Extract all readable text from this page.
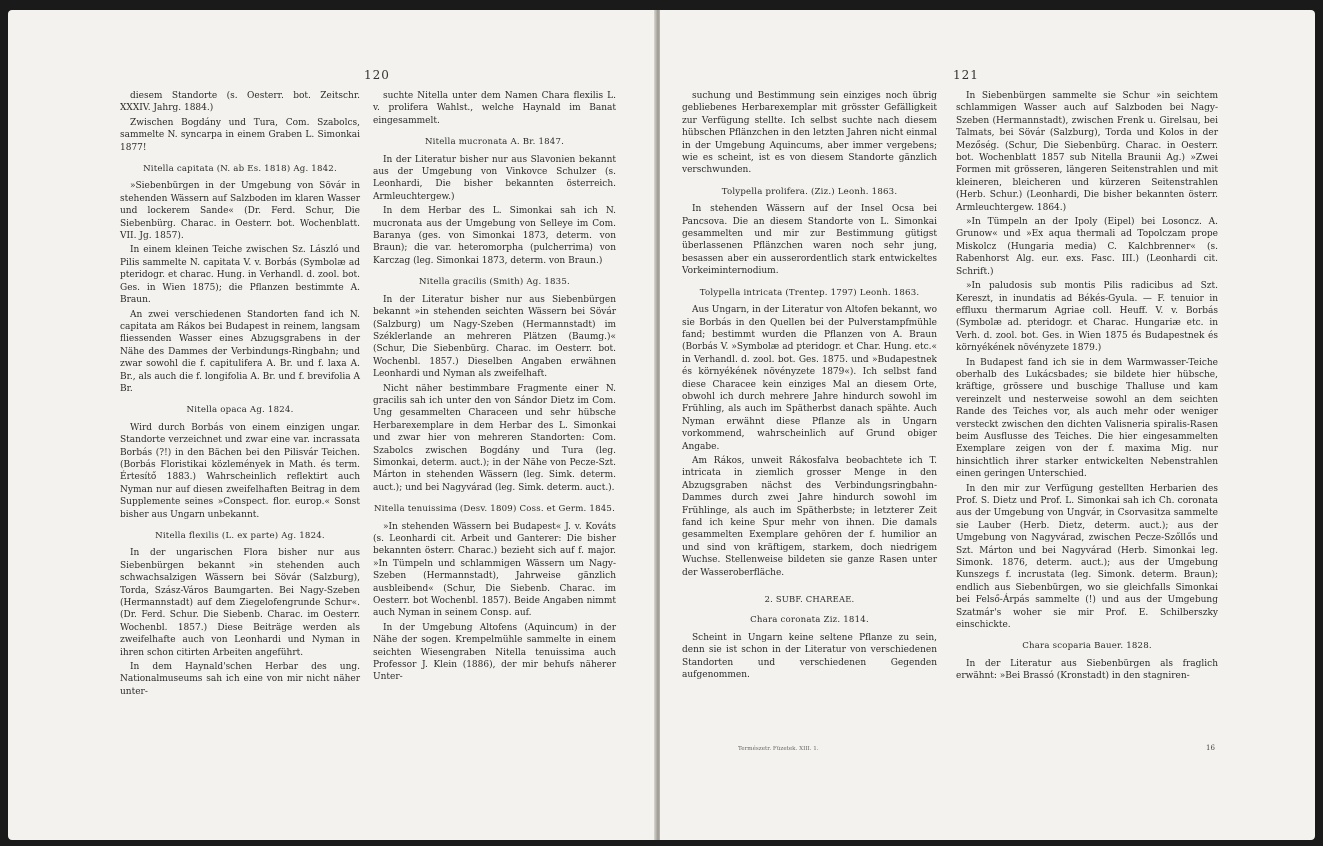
120

diesem Standorte (s. Oesterr. bot. Zeitschr. XXXIV. Jahrg. 1884.)

Zwischen Bogdány und Tura, Com. Szabolcs, sammelte N. syncarpa in einem Graben L. Simonkai 1877!

Nitella capitata (N. ab Es. 1818) Ag. 1842.

»Siebenbürgen in der Umgebung von Sövár in stehenden Wässern auf Salzboden im klaren Wasser und lockerem Sande« (Dr. Ferd. Schur, Die Siebenbürg. Charac. in Oesterr. bot. Wochenblatt. VII. Jg. 1857).

In einem kleinen Teiche zwischen Sz. László und Pilis sammelte N. capitata V. v. Borbás (Symbolæ ad pteridogr. et charac. Hung. in Verhandl. d. zool. bot. Ges. in Wien 1875); die Pflanzen bestimmte A. Braun.

An zwei verschiedenen Standorten fand ich N. capitata am Rákos bei Budapest in reinem, langsam fliessenden Wasser eines Abzugsgrabens in der Nähe des Dammes der Verbindungs-Ringbahn; und zwar sowohl die f. capitulifera A. Br. und f. laxa A. Br., als auch die f. longifolia A. Br. und f. brevifolia A Br.

Nitella opaca Ag. 1824.

Wird durch Borbás von einem einzigen ungar. Standorte verzeichnet und zwar eine var. incrassata Borbás (?!) in den Bächen bei den Pilisvár Teichen. (Borbás Floristikai közlemények in Math. és term. Értesítő 1883.) Wahrscheinlich reflektirt auch Nyman nur auf diesen zweifelhaften Beitrag in dem Supplemente seines »Conspect. flor. europ.« Sonst bisher aus Ungarn unbekannt.

Nitella flexilis (L. ex parte) Ag. 1824.

In der ungarischen Flora bisher nur aus Siebenbürgen bekannt »in stehenden auch schwachsalzigen Wässern bei Sövár (Salzburg), Torda, Szász-Város Baumgarten. Bei Nagy-Szeben (Hermannstadt) auf dem Ziegelofengrunde Schur«. (Dr. Ferd. Schur. Die Siebenb. Charac. im Oesterr. Wochenbl. 1857.) Diese Beiträge werden als zweifelhafte auch von Leonhardi und Nyman in ihren schon citirten Arbeiten angeführt.

In dem Haynald'schen Herbar des ung. Nationalmuseums sah ich eine von mir nicht näher unter-

suchte Nitella unter dem Namen Chara flexilis L. v. prolifera Wahlst., welche Haynald im Banat eingesammelt.

Nitella mucronata A. Br. 1847.

In der Literatur bisher nur aus Slavonien bekannt aus der Umgebung von Vinkovce Schulzer (s. Leonhardi, Die bisher bekannten österreich. Armleuchtergew.)

In dem Herbar des L. Simonkai sah ich N. mucronata aus der Umgebung von Selleye im Com. Baranya (ges. von Simonkai 1873, determ. von Braun); die var. heteromorpha (pulcherrima) von Karczag (leg. Simonkai 1873, determ. von Braun.)

Nitella gracilis (Smith) Ag. 1835.

In der Literatur bisher nur aus Siebenbürgen bekannt »in stehenden seichten Wässern bei Sövár (Salzburg) um Nagy-Szeben (Hermannstadt) im Széklerlande an mehreren Plätzen (Baumg.)« (Schur, Die Siebenbürg. Charac. im Oesterr. bot. Wochenbl. 1857.) Dieselben Angaben erwähnen Leonhardi und Nyman als zweifelhaft.

Nicht näher bestimmbare Fragmente einer N. gracilis sah ich unter den von Sándor Dietz im Com. Ung gesammelten Characeen und sehr hübsche Herbarexemplare in dem Herbar des L. Simonkai und zwar hier von mehreren Standorten: Com. Szabolcs zwischen Bogdány und Tura (leg. Simonkai, determ. auct.); in der Nähe von Pecze-Szt. Márton in stehenden Wässern (leg. Simk. determ. auct.); und bei Nagyvárad (leg. Simk. determ. auct.).

Nitella tenuissima (Desv. 1809) Coss. et Germ. 1845.

»In stehenden Wässern bei Budapest« J. v. Kováts (s. Leonhardi cit. Arbeit und Ganterer: Die bisher bekannten österr. Charac.) bezieht sich auf f. major. »In Tümpeln und schlammigen Wässern um Nagy-Szeben (Hermannstadt), Jahrweise gänzlich ausbleibend« (Schur, Die Siebenb. Charac. im Oesterr. bot Wochenbl. 1857). Beide Angaben nimmt auch Nyman in seinem Consp. auf.

In der Umgebung Altofens (Aquincum) in der Nähe der sogen. Krempelmühle sammelte in einem seichten Wiesengraben Nitella tenuissima auch Professor J. Klein (1886), der mir behufs näherer Unter-

121

suchung und Bestimmung sein einziges noch übrig gebliebenes Herbarexemplar mit grösster Gefälligkeit zur Verfügung stellte. Ich selbst suchte nach diesem hübschen Pflänzchen in den letzten Jahren nicht einmal in der Umgebung Aquincums, aber immer vergebens; wie es scheint, ist es von diesem Standorte gänzlich verschwunden.

Tolypella prolifera. (Ziz.) Leonh. 1863.

In stehenden Wässern auf der Insel Ocsa bei Pancsova. Die an diesem Standorte von L. Simonkai gesammelten und mir zur Bestimmung gütigst überlassenen Pflänzchen waren noch sehr jung, besassen aber ein ausserordentlich stark entwickeltes Vorkeiminternodium.

Tolypella intricata (Trentep. 1797) Leonh. 1863.

Aus Ungarn, in der Literatur von Altofen bekannt, wo sie Borbás in den Quellen bei der Pulverstampfmühle fand; bestimmt wurden die Pflanzen von A. Braun (Borbás V. »Symbolæ ad pteridogr. et Char. Hung. etc.« in Verhandl. d. zool. bot. Ges. 1875. und »Budapestnek és környékének növényzete 1879«). Ich selbst fand diese Characee kein einziges Mal an diesem Orte, obwohl ich durch mehrere Jahre hindurch sowohl im Frühling, als auch im Spätherbst danach spähte. Auch Nyman erwähnt diese Pflanze als in Ungarn vorkommend, wahrscheinlich auf Grund obiger Angabe.

Am Rákos, unweit Rákosfalva beobachtete ich T. intricata in ziemlich grosser Menge in den Abzugsgraben nächst des Verbindungsringbahn-Dammes durch zwei Jahre hindurch sowohl im Frühlinge, als auch im Spätherbste; in letzterer Zeit fand ich keine Spur mehr von ihnen. Die damals gesammelten Exemplare gehören der f. humilior an und sind von kräftigem, starkem, doch niedrigem Wuchse. Stellenweise bildeten sie ganze Rasen unter der Wasseroberfläche.

2. SUBF. CHAREAE.
Chara coronata Ziz. 1814.

Scheint in Ungarn keine seltene Pflanze zu sein, denn sie ist schon in der Literatur von verschiedenen Standorten und verschiedenen Gegenden aufgenommen.

In Siebenbürgen sammelte sie Schur »in seichtem schlammigen Wasser auch auf Salzboden bei Nagy-Szeben (Hermannstadt), zwischen Frenk u. Girelsau, bei Talmats, bei Sövár (Salzburg), Torda und Kolos in der Mezőség. (Schur, Die Siebenbürg. Charac. in Oesterr. bot. Wochenblatt 1857 sub Nitella Braunii Ag.) »Zwei Formen mit grösseren, längeren Seitenstrahlen und mit kleineren, bleicheren und kürzeren Seitenstrahlen (Herb. Schur.) (Leonhardi, Die bisher bekannten österr. Armleuchtergew. 1864.)

»In Tümpeln an der Ipoly (Eipel) bei Losoncz. A. Grunow« und »Ex aqua thermali ad Topolczam prope Miskolcz (Hungaria media) C. Kalchbrenner« (s. Rabenhorst Alg. eur. exs. Fasc. III.) (Leonhardi cit. Schrift.)

»In paludosis sub montis Pilis radicibus ad Szt. Kereszt, in inundatis ad Békés-Gyula. — F. tenuior in effluxu thermarum Agriae coll. Heuff. V. v. Borbás (Symbolæ ad. pteridogr. et Charac. Hungariæ etc. in Verh. d. zool. bot. Ges. in Wien 1875 és Budapestnek és környékének növényzete 1879.)

In Budapest fand ich sie in dem Warmwasser-Teiche oberhalb des Lukácsbades; sie bildete hier hübsche, kräftige, grössere und buschige Thalluse und kam vereinzelt und nesterweise sowohl an dem seichten Rande des Teiches vor, als auch mehr oder weniger versteckt zwischen den dichten Valisneria spiralis-Rasen beim Ausflusse des Teiches. Die hier eingesammelten Exemplare zeigen von der f. maxima Mig. nur hinsichtlich ihrer starker entwickelten Nebenstrahlen einen geringen Unterschied.

In den mir zur Verfügung gestellten Herbarien des Prof. S. Dietz und Prof. L. Simonkai sah ich Ch. coronata aus der Umgebung von Ungvár, in Csorvasitza sammelte sie Lauber (Herb. Dietz, determ. auct.); aus der Umgebung von Nagyvárad, zwischen Pecze-Szőllős und Szt. Márton und bei Nagyvárad (Herb. Simonkai leg. Simonk. 1876, determ. auct.); aus der Umgebung Kunszegs f. incrustata (leg. Simonk. determ. Braun); endlich aus Siebenbürgen, wo sie gleichfalls Simonkai bei Felső-Árpás sammelte (!) und aus der Umgebung Szatmár's woher sie mir Prof. E. Schilberszky einschickte.

Chara scoparia Bauer. 1828.

In der Literatur aus Siebenbürgen als fraglich erwähnt: »Bei Brassó (Kronstadt) in den stagniren-

Természetr. Füzetek. XIII. 1.	16
